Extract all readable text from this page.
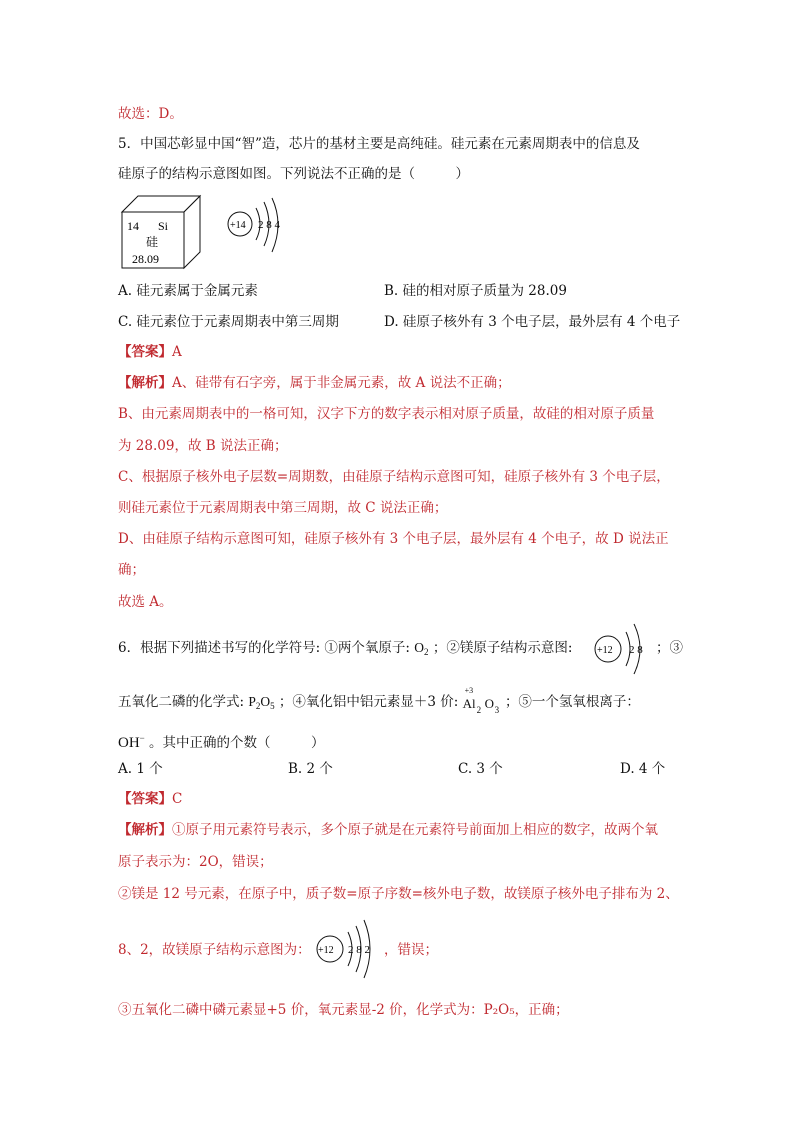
故选：D。
5．中国芯彰显中国“智”造，芯片的基材主要是高纯硅。硅元素在元素周期表中的信息及
硅原子的结构示意图如图。下列说法不正确的是（　　　）
14 Si
硅
28.09
+14 2 8 4
A. 硅元素属于金属元素	B. 硅的相对原子质量为 28.09
C. 硅元素位于元素周期表中第三周期	D. 硅原子核外有 3 个电子层，最外层有 4 个电子
【答案】A
【解析】A、硅带有石字旁，属于非金属元素，故 A 说法不正确；
B、由元素周期表中的一格可知，汉字下方的数字表示相对原子质量，故硅的相对原子质量
为 28.09，故 B 说法正确；
C、根据原子核外电子层数=周期数，由硅原子结构示意图可知，硅原子核外有 3 个电子层，
则硅元素位于元素周期表中第三周期，故 C 说法正确；
D、由硅原子结构示意图可知，硅原子核外有 3 个电子层，最外层有 4 个电子，故 D 说法正
确；
故选 A。
6．根据下列描述书写的化学符号: ①两个氧原子: $O_2$ ；②镁原子结构示意图: +12 2 8 ；③
五氧化二磷的化学式: $P_2O_5$ ；④氧化铝中铝元素显＋3 价:
+3
Al 2 O 3 ；⑤一个氢氧根离子：
OH− 。其中正确的个数（　　　）
A. 1 个	B. 2 个	C. 3 个	D. 4 个
【答案】C
【解析】①原子用元素符号表示，多个原子就是在元素符号前面加上相应的数字，故两个氧
原子表示为：2O，错误；
②镁是 12 号元素，在原子中，质子数=原子序数=核外电子数，故镁原子核外电子排布为 2、
8、2，故镁原子结构示意图为： +12 2 8 2 ，错误；
③五氧化二磷中磷元素显+5 价，氧元素显-2 价，化学式为：P₂O₅，正确；
